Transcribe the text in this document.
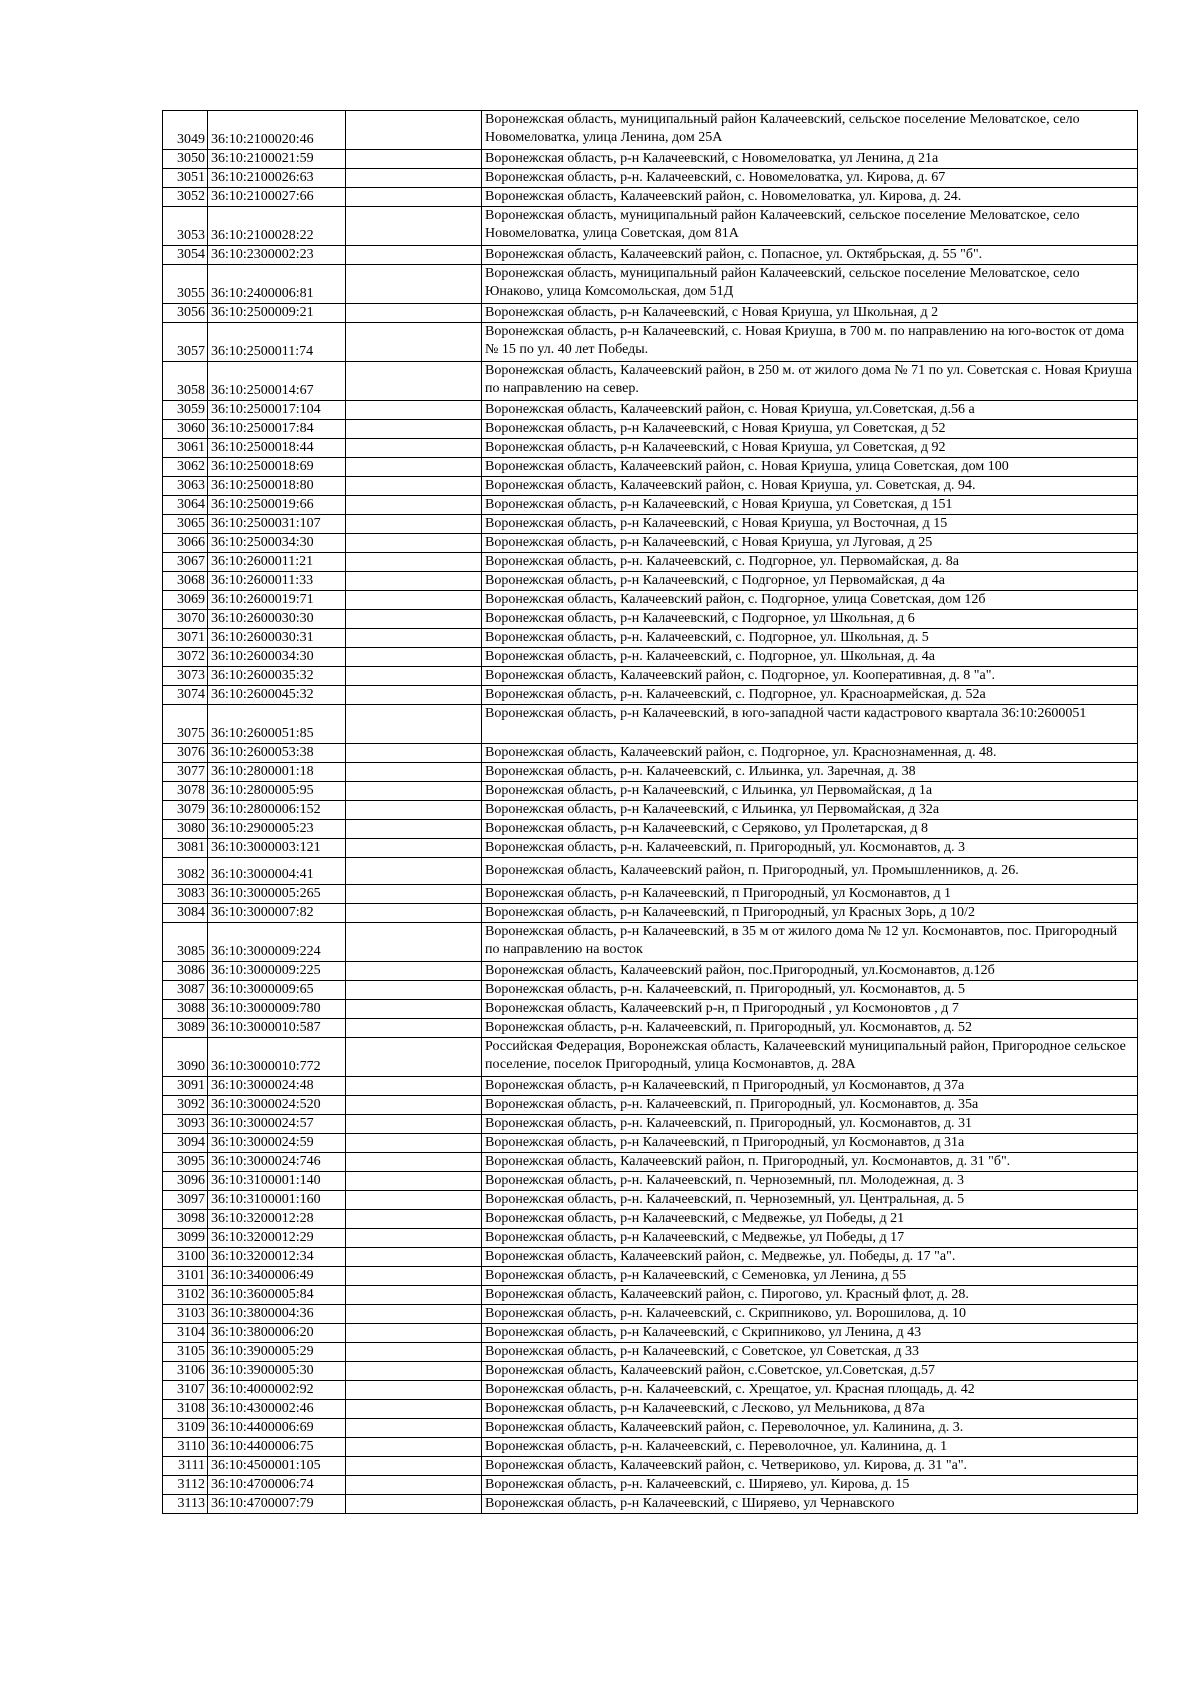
3049	36:10:2100020:46		Воронежская область, муниципальный район Калачеевский, сельское поселение Меловатское, село Новомеловатка, улица Ленина, дом 25А
3050	36:10:2100021:59		Воронежская область, р-н Калачеевский, с Новомеловатка, ул Ленина, д 21а
3051	36:10:2100026:63		Воронежская область, р-н. Калачеевский, с. Новомеловатка, ул. Кирова, д. 67
3052	36:10:2100027:66		Воронежская область, Калачеевский район, с. Новомеловатка, ул. Кирова, д. 24.
3053	36:10:2100028:22		Воронежская область, муниципальный район Калачеевский, сельское поселение Меловатское, село Новомеловатка, улица Советская, дом 81А
3054	36:10:2300002:23		Воронежская область, Калачеевский район, с. Попасное, ул. Октябрьская, д. 55 "б".
3055	36:10:2400006:81		Воронежская область, муниципальный район Калачеевский, сельское поселение Меловатское, село Юнаково, улица Комсомольская, дом 51Д
3056	36:10:2500009:21		Воронежская область, р-н Калачеевский, с Новая Криуша, ул Школьная, д 2
3057	36:10:2500011:74		Воронежская область, р-н Калачеевский, с. Новая Криуша, в 700 м. по направлению на юго-восток от дома № 15 по ул. 40 лет Победы.
3058	36:10:2500014:67		Воронежская область, Калачеевский район, в 250 м. от жилого дома № 71 по ул. Советская с. Новая Криуша по направлению на север.
3059	36:10:2500017:104		Воронежская область, Калачеевский район, с. Новая Криуша, ул.Советская, д.56 а
3060	36:10:2500017:84		Воронежская область, р-н Калачеевский, с Новая Криуша, ул Советская, д 52
3061	36:10:2500018:44		Воронежская область, р-н Калачеевский, с Новая Криуша, ул Советская, д 92
3062	36:10:2500018:69		Воронежская область, Калачеевский район, с. Новая Криуша, улица Советская, дом 100
3063	36:10:2500018:80		Воронежская область, Калачеевский район, с. Новая Криуша, ул. Советская, д. 94.
3064	36:10:2500019:66		Воронежская область, р-н Калачеевский, с Новая Криуша, ул Советская, д 151
3065	36:10:2500031:107		Воронежская область, р-н Калачеевский, с Новая Криуша, ул Восточная, д 15
3066	36:10:2500034:30		Воронежская область, р-н Калачеевский, с Новая Криуша, ул Луговая, д 25
3067	36:10:2600011:21		Воронежская область, р-н. Калачеевский, с. Подгорное, ул. Первомайская, д. 8а
3068	36:10:2600011:33		Воронежская область, р-н Калачеевский, с Подгорное, ул Первомайская, д 4а
3069	36:10:2600019:71		Воронежская область, Калачеевский район, с. Подгорное, улица Советская, дом 12б
3070	36:10:2600030:30		Воронежская область, р-н Калачеевский, с Подгорное, ул Школьная, д 6
3071	36:10:2600030:31		Воронежская область, р-н. Калачеевский, с. Подгорное, ул. Школьная, д. 5
3072	36:10:2600034:30		Воронежская область, р-н. Калачеевский, с. Подгорное, ул. Школьная, д. 4а
3073	36:10:2600035:32		Воронежская область, Калачеевский район, с. Подгорное, ул. Кооперативная, д. 8 "а".
3074	36:10:2600045:32		Воронежская область, р-н. Калачеевский, с. Подгорное, ул. Красноармейская, д. 52а
3075	36:10:2600051:85		Воронежская область, р-н Калачеевский, в юго-западной части кадастрового квартала 36:10:2600051
3076	36:10:2600053:38		Воронежская область, Калачеевский район, с. Подгорное, ул. Краснознаменная, д. 48.
3077	36:10:2800001:18		Воронежская область, р-н. Калачеевский, с. Ильинка, ул. Заречная, д. 38
3078	36:10:2800005:95		Воронежская область, р-н Калачеевский, с Ильинка, ул Первомайская, д 1а
3079	36:10:2800006:152		Воронежская область, р-н Калачеевский, с Ильинка, ул Первомайская, д 32а
3080	36:10:2900005:23		Воронежская область, р-н Калачеевский, с Серяково, ул Пролетарская, д 8
3081	36:10:3000003:121		Воронежская область, р-н. Калачеевский, п. Пригородный, ул. Космонавтов, д. 3
3082	36:10:3000004:41		Воронежская область, Калачеевский район, п. Пригородный, ул. Промышленников, д. 26.
3083	36:10:3000005:265		Воронежская область, р-н Калачеевский, п Пригородный, ул Космонавтов, д 1
3084	36:10:3000007:82		Воронежская область, р-н Калачеевский, п Пригородный, ул Красных Зорь, д 10/2
3085	36:10:3000009:224		Воронежская область, р-н Калачеевский, в 35 м от жилого дома № 12 ул. Космонавтов, пос. Пригородный по направлению на восток
3086	36:10:3000009:225		Воронежская область, Калачеевский район, пос.Пригородный, ул.Космонавтов, д.12б
3087	36:10:3000009:65		Воронежская область, р-н. Калачеевский, п. Пригородный, ул. Космонавтов, д. 5
3088	36:10:3000009:780		Воронежская область, Калачеевский р-н, п Пригородный , ул Космоновтов , д 7
3089	36:10:3000010:587		Воронежская область, р-н. Калачеевский, п. Пригородный, ул. Космонавтов, д. 52
3090	36:10:3000010:772		Российская Федерация, Воронежская область, Калачеевский муниципальный район, Пригородное сельское поселение, поселок Пригородный, улица Космонавтов, д. 28А
3091	36:10:3000024:48		Воронежская область, р-н Калачеевский, п Пригородный, ул Космонавтов, д 37а
3092	36:10:3000024:520		Воронежская область, р-н. Калачеевский, п. Пригородный, ул. Космонавтов, д. 35а
3093	36:10:3000024:57		Воронежская область, р-н. Калачеевский, п. Пригородный, ул. Космонавтов, д. 31
3094	36:10:3000024:59		Воронежская область, р-н Калачеевский, п Пригородный, ул Космонавтов, д 31а
3095	36:10:3000024:746		Воронежская область, Калачеевский район, п. Пригородный, ул. Космонавтов, д. 31 "б".
3096	36:10:3100001:140		Воронежская область, р-н. Калачеевский, п. Черноземный, пл. Молодежная, д. 3
3097	36:10:3100001:160		Воронежская область, р-н. Калачеевский, п. Черноземный, ул. Центральная, д. 5
3098	36:10:3200012:28		Воронежская область, р-н Калачеевский, с Медвежье, ул Победы, д 21
3099	36:10:3200012:29		Воронежская область, р-н Калачеевский, с Медвежье, ул Победы, д 17
3100	36:10:3200012:34		Воронежская область, Калачеевский район, с. Медвежье, ул. Победы, д. 17 "а".
3101	36:10:3400006:49		Воронежская область, р-н Калачеевский, с Семеновка, ул Ленина, д 55
3102	36:10:3600005:84		Воронежская область, Калачеевский район, с. Пирогово, ул. Красный флот, д. 28.
3103	36:10:3800004:36		Воронежская область, р-н. Калачеевский, с. Скрипниково, ул. Ворошилова, д. 10
3104	36:10:3800006:20		Воронежская область, р-н Калачеевский, с Скрипниково, ул Ленина, д 43
3105	36:10:3900005:29		Воронежская область, р-н Калачеевский, с Советское, ул Советская, д 33
3106	36:10:3900005:30		Воронежская область, Калачеевский район, с.Советское, ул.Советская, д.57
3107	36:10:4000002:92		Воронежская область, р-н. Калачеевский, с. Хрещатое, ул. Красная площадь, д. 42
3108	36:10:4300002:46		Воронежская область, р-н Калачеевский, с Лесково, ул Мельникова, д 87а
3109	36:10:4400006:69		Воронежская область, Калачеевский район, с. Переволочное, ул. Калинина, д. 3.
3110	36:10:4400006:75		Воронежская область, р-н. Калачеевский, с. Переволочное, ул. Калинина, д. 1
3111	36:10:4500001:105		Воронежская область, Калачеевский район, с. Четвериково, ул. Кирова, д. 31 "а".
3112	36:10:4700006:74		Воронежская область, р-н. Калачеевский, с. Ширяево, ул. Кирова, д. 15
3113	36:10:4700007:79		Воронежская область, р-н Калачеевский, с Ширяево, ул Чернавского
